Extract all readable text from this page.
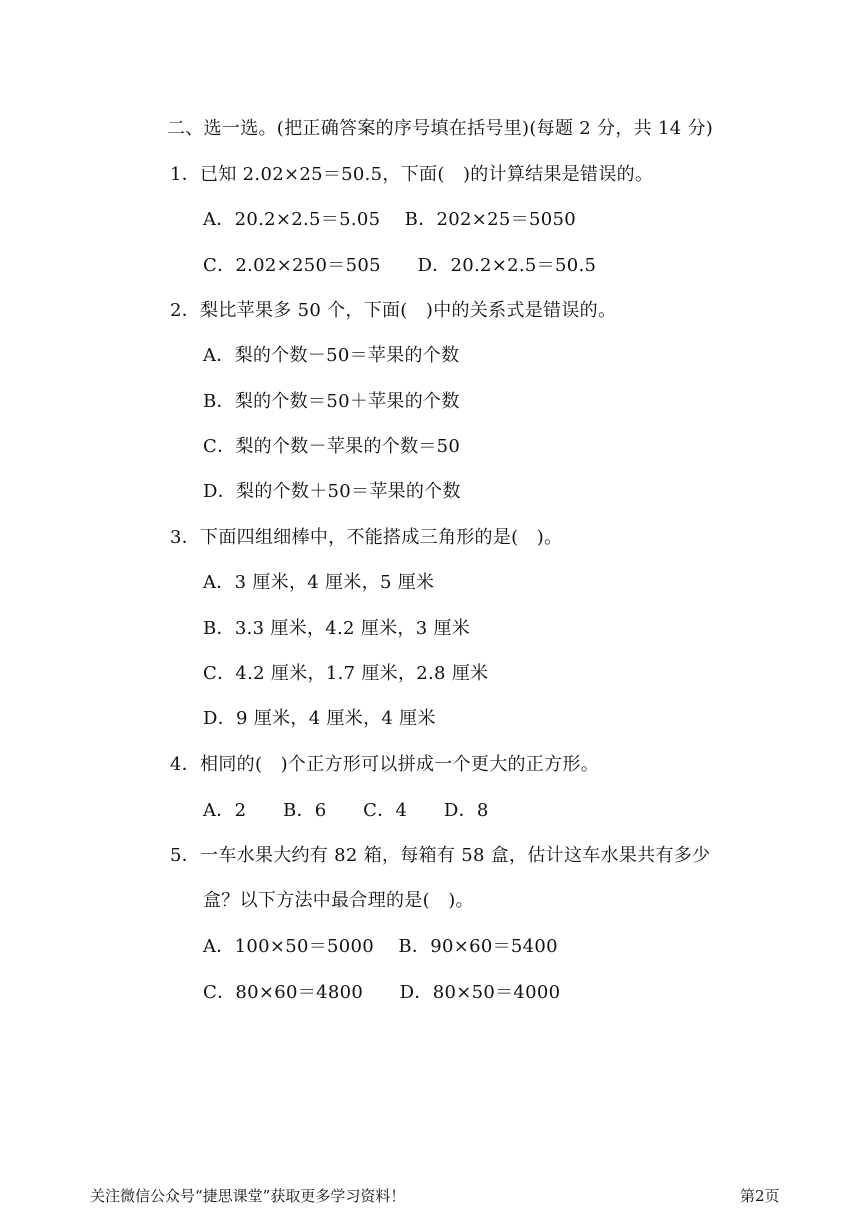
二、选一选。(把正确答案的序号填在括号里)(每题 2 分，共 14 分)
1．已知 2.02×25＝50.5，下面(　)的计算结果是错误的。
A．20.2×2.5＝5.05　 B．202×25＝5050
C．2.02×250＝505　　D．20.2×2.5＝50.5
2．梨比苹果多 50 个，下面(　)中的关系式是错误的。
A．梨的个数－50＝苹果的个数
B．梨的个数＝50＋苹果的个数
C．梨的个数－苹果的个数＝50
D．梨的个数＋50＝苹果的个数
3．下面四组细棒中，不能搭成三角形的是(　)。
A．3 厘米，4 厘米，5 厘米
B．3.3 厘米，4.2 厘米，3 厘米
C．4.2 厘米，1.7 厘米，2.8 厘米
D．9 厘米，4 厘米，4 厘米
4．相同的(　)个正方形可以拼成一个更大的正方形。
A．2　　B．6　　C．4　　D．8
5．一车水果大约有 82 箱，每箱有 58 盒，估计这车水果共有多少
盒？以下方法中最合理的是(　)。
A．100×50＝5000　 B．90×60＝5400
C．80×60＝4800　　D．80×50＝4000
关注微信公众号“捷思课堂”获取更多学习资料！	第2页
